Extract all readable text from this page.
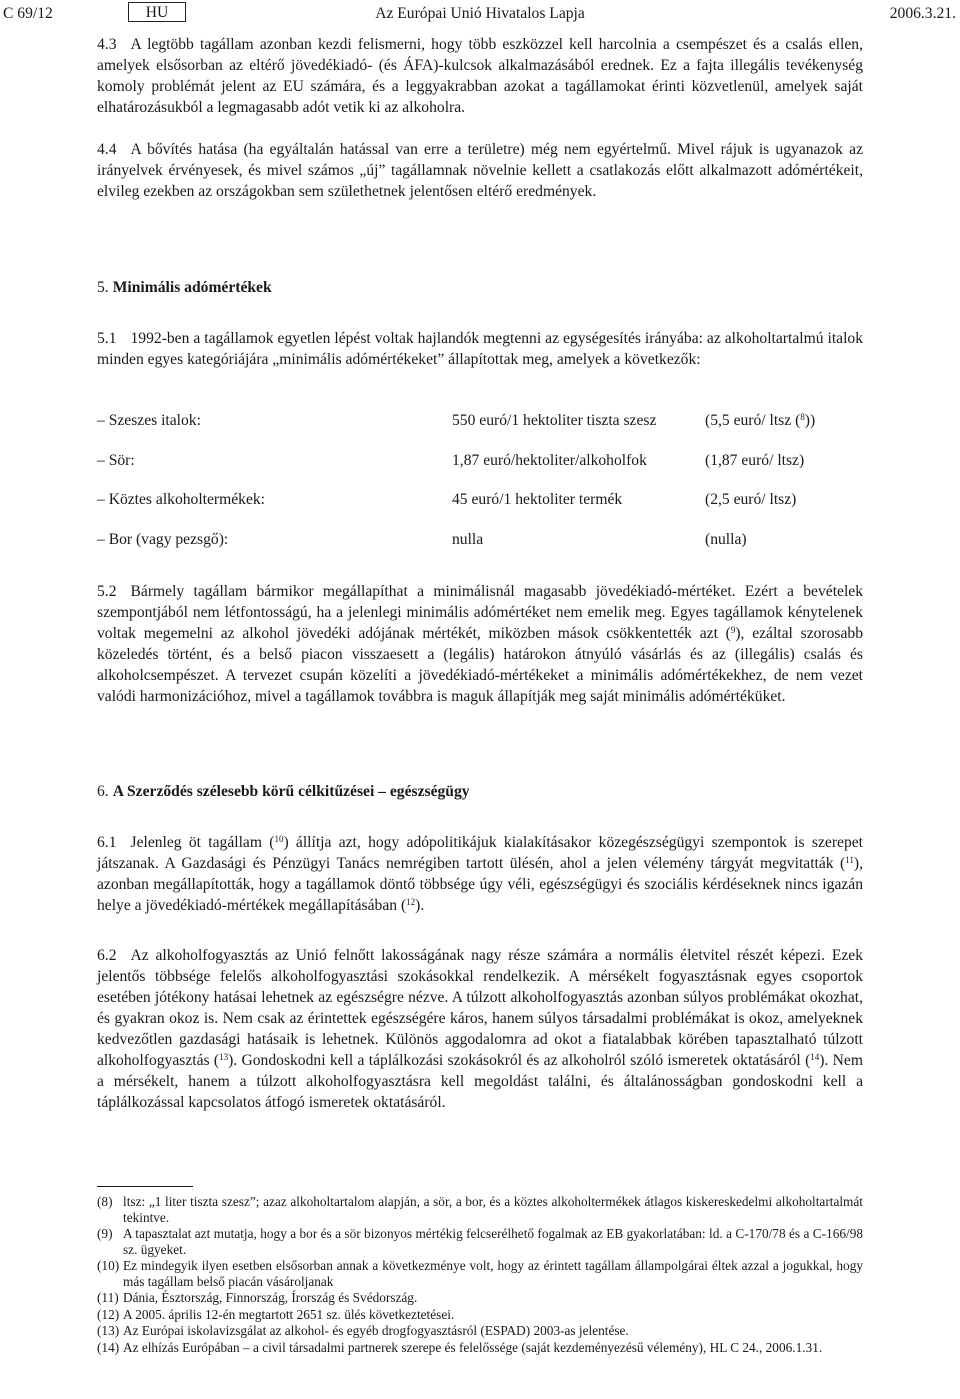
C 69/12	HU	Az Európai Unió Hivatalos Lapja	2006.3.21.

4.3 A legtöbb tagállam azonban kezdi felismerni, hogy több eszközzel kell harcolnia a csempészet és a csalás ellen, amelyek elsősorban az eltérő jövedékiadó- (és ÁFA)-kulcsok alkalmazásából erednek. Ez a fajta illegális tevékenység komoly problémát jelent az EU számára, és a leggyakrabban azokat a tagállamokat érinti közvetlenül, amelyek saját elhatározásukból a legmagasabb adót vetik ki az alkoholra.

4.4 A bővítés hatása (ha egyáltalán hatással van erre a területre) még nem egyértelmű. Mivel rájuk is ugyanazok az irányelvek érvényesek, és mivel számos „új” tagállamnak növelnie kellett a csatlakozás előtt alkalmazott adómértékeit, elvileg ezekben az országokban sem születhetnek jelentősen eltérő eredmények.

5. Minimális adómértékek

5.1 1992-ben a tagállamok egyetlen lépést voltak hajlandók megtenni az egységesítés irányába: az alkoholtartalmú italok minden egyes kategóriájára „minimális adómértékeket” állapítottak meg, amelyek a következők:

– Szeszes italok:	550 euró/1 hektoliter tiszta szesz	(5,5 euró/ ltsz ($^8$))
– Sör:	1,87 euró/hektoliter/alkoholfok	(1,87 euró/ ltsz)
– Köztes alkoholtermékek:	45 euró/1 hektoliter termék	(2,5 euró/ ltsz)
– Bor (vagy pezsgő):	nulla	(nulla)

5.2 Bármely tagállam bármikor megállapíthat a minimálisnál magasabb jövedékiadó-mértéket. Ezért a bevételek szempontjából nem létfontosságú, ha a jelenlegi minimális adómértéket nem emelik meg. Egyes tagállamok kénytelenek voltak megemelni az alkohol jövedéki adójának mértékét, miközben mások csökkentették azt ($^9$), ezáltal szorosabb közeledés történt, és a belső piacon visszaesett a (legális) határokon átnyúló vásárlás és az (illegális) csalás és alkoholcsempészet. A tervezet csupán közelíti a jövedékiadó-mértékeket a minimális adómértékekhez, de nem vezet valódi harmonizációhoz, mivel a tagállamok továbbra is maguk állapítják meg saját minimális adómértéküket.

6. A Szerződés szélesebb körű célkitűzései – egészségügy

6.1 Jelenleg öt tagállam ($^{10}$) állítja azt, hogy adópolitikájuk kialakításakor közegészségügyi szempontok is szerepet játszanak. A Gazdasági és Pénzügyi Tanács nemrégiben tartott ülésén, ahol a jelen vélemény tárgyát megvitatták ($^{11}$), azonban megállapították, hogy a tagállamok döntő többsége úgy véli, egészségügyi és szociális kérdéseknek nincs igazán helye a jövedékiadó-mértékek megállapításában ($^{12}$).

6.2 Az alkoholfogyasztás az Unió felnőtt lakosságának nagy része számára a normális életvitel részét képezi. Ezek jelentős többsége felelős alkoholfogyasztási szokásokkal rendelkezik. A mérsékelt fogyasztásnak egyes csoportok esetében jótékony hatásai lehetnek az egészségre nézve. A túlzott alkoholfogyasztás azonban súlyos problémákat okozhat, és gyakran okoz is. Nem csak az érintettek egészségére káros, hanem súlyos társadalmi problémákat is okoz, amelyeknek kedvezőtlen gazdasági hatásaik is lehetnek. Különös aggodalomra ad okot a fiatalabbak körében tapasztalható túlzott alkoholfogyasztás ($^{13}$). Gondoskodni kell a táplálkozási szokásokról és az alkoholról szóló ismeretek oktatásáról ($^{14}$). Nem a mérsékelt, hanem a túlzott alkoholfogyasztásra kell megoldást találni, és általánosságban gondoskodni kell a táplálkozással kapcsolatos átfogó ismeretek oktatásáról.

(8) ltsz: „1 liter tiszta szesz”; azaz alkoholtartalom alapján, a sör, a bor, és a köztes alkoholtermékek átlagos kiskereskedelmi alkoholtartalmát tekintve.
(9) A tapasztalat azt mutatja, hogy a bor és a sör bizonyos mértékig felcserélhető fogalmak az EB gyakorlatában: ld. a C-170/78 és a C-166/98 sz. ügyeket.
(10) Ez mindegyik ilyen esetben elsősorban annak a következménye volt, hogy az érintett tagállam állampolgárai éltek azzal a jogukkal, hogy más tagállam belső piacán vásároljanak
(11) Dánia, Észtország, Finnország, Írország és Svédország.
(12) A 2005. április 12-én megtartott 2651 sz. ülés következtetései.
(13) Az Európai iskolavizsgálat az alkohol- és egyéb drogfogyasztásról (ESPAD) 2003-as jelentése.
(14) Az elhízás Európában – a civil társadalmi partnerek szerepe és felelőssége (saját kezdeményezésű vélemény), HL C 24., 2006.1.31.
